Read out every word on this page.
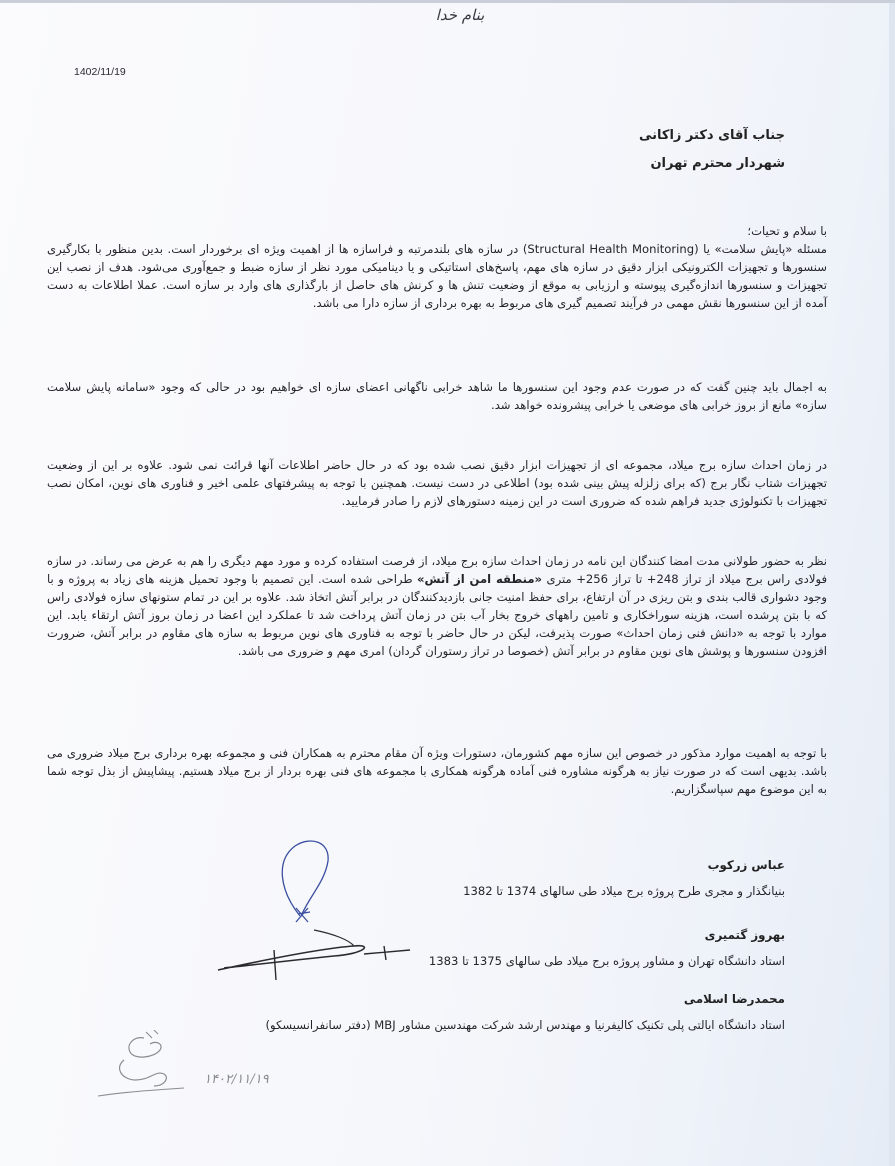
بنام خدا
1402/11/19
جناب آقای دکتر زاکانی
شهردار محترم تهران
با سلام و تحیات؛
مسئله «پایش سلامت» یا (Structural Health Monitoring) در سازه های بلندمرتبه و فراسازه ها از اهمیت ویژه ای برخوردار است. بدین منظور با بکارگیری سنسورها و تجهیزات الکترونیکی ابزار دقیق در سازه های مهم، پاسخ‌های استاتیکی و یا دینامیکی مورد نظر از سازه ضبط و جمع‌آوری می‌شود. هدف از نصب این تجهیزات و سنسورها اندازه‌گیری پیوسته و ارزیابی به موقع از وضعیت تنش ها و کرنش های حاصل از بارگذاری های وارد بر سازه است. عملا اطلاعات به دست آمده از این سنسورها نقش مهمی در فرآیند تصمیم گیری های مربوط به بهره برداری از سازه دارا می باشد.
به اجمال باید چنین گفت که در صورت عدم وجود این سنسورها ما شاهد خرابی ناگهانی اعضای سازه ای خواهیم بود در حالی که وجود «سامانه پایش سلامت سازه» مانع از بروز خرابی های موضعی یا خرابی پیشرونده خواهد شد.
در زمان احداث سازه برج میلاد، مجموعه ای از تجهیزات ابزار دقیق نصب شده بود که در حال حاضر اطلاعات آنها قرائت نمی شود. علاوه بر این از وضعیت تجهیزات شتاب نگار برج (که برای زلزله پیش بینی شده بود) اطلاعی در دست نیست. همچنین با توجه به پیشرفتهای علمی اخیر و فناوری های نوین، امکان نصب تجهیزات با تکنولوژی جدید فراهم شده که ضروری است در این زمینه دستورهای لازم را صادر فرمایید.
نظر به حضور طولانی مدت امضا کنندگان این نامه در زمان احداث سازه برج میلاد، از فرصت استفاده کرده و مورد مهم دیگری را هم به عرض می رساند. در سازه فولادی راس برج میلاد از تراز 248+ تا تراز 256+ متری «منطقه امن از آتش» طراحی شده است. این تصمیم با وجود تحمیل هزینه های زیاد به پروژه و با وجود دشواری قالب بندی و بتن ریزی در آن ارتفاع، برای حفظ امنیت جانی بازدیدکنندگان در برابر آتش اتخاذ شد. علاوه بر این در تمام ستونهای سازه فولادی راس که با بتن پرشده است، هزینه سوراخکاری و تامین راههای خروج بخار آب بتن در زمان آتش پرداخت شد تا عملکرد این اعضا در زمان بروز آتش ارتقاء یابد. این موارد با توجه به «دانش فنی زمان احداث» صورت پذیرفت، لیکن در حال حاضر با توجه به فناوری های نوین مربوط به سازه های مقاوم در برابر آتش، ضرورت افزودن سنسورها و پوشش های نوین مقاوم در برابر آتش (خصوصا در تراز رستوران گردان) امری مهم و ضروری می باشد.
با توجه به اهمیت موارد مذکور در خصوص این سازه مهم کشورمان، دستورات ویژه آن مقام محترم به همکاران فنی و مجموعه بهره برداری برج میلاد ضروری می باشد. بدیهی است که در صورت نیاز به هرگونه مشاوره فنی آماده هرگونه همکاری با مجموعه های فنی بهره بردار از برج میلاد هستیم. پیشاپیش از بذل توجه شما به این موضوع مهم سپاسگزاریم.
عباس زرکوب
بنیانگذار و مجری طرح پروژه برج میلاد طی سالهای 1374 تا 1382
بهروز گتمیری
استاد دانشگاه تهران و مشاور پروژه برج میلاد طی سالهای 1375 تا 1383
محمدرضا اسلامی
استاد دانشگاه ایالتی پلی تکنیک کالیفرنیا و مهندس ارشد شرکت مهندسین مشاور MBJ (دفتر سانفرانسیسکو)
۱۴۰۲/۱۱/۱۹
